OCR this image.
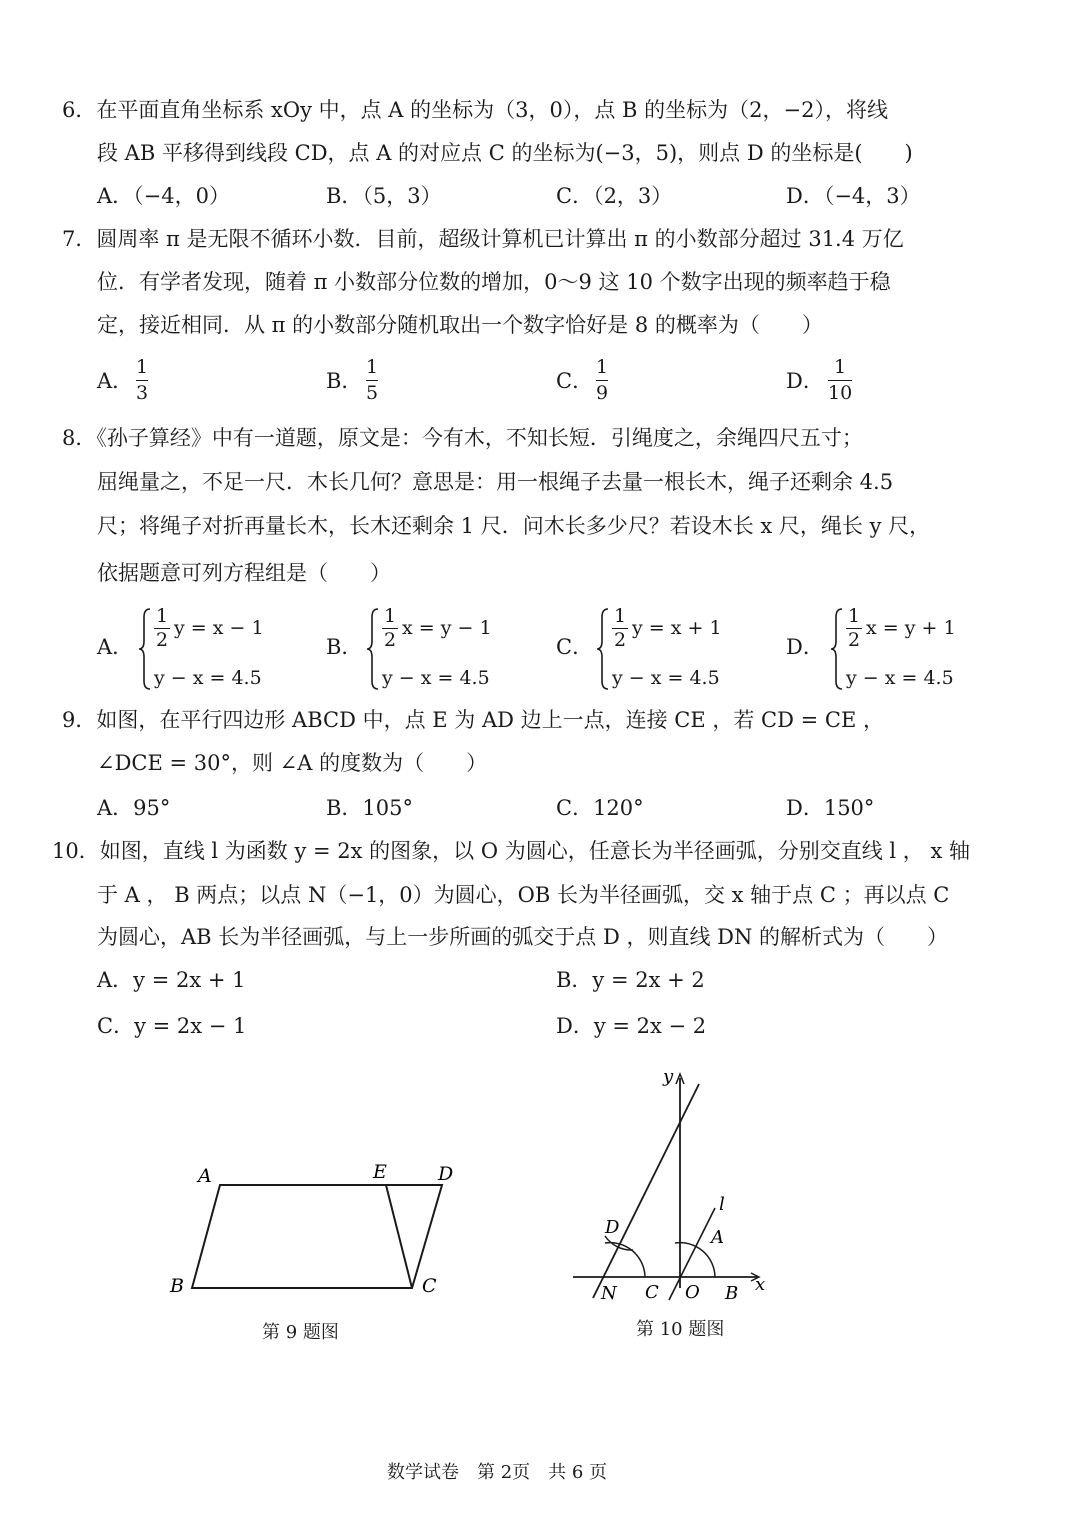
6．在平面直角坐标系 xOy 中，点 A 的坐标为（3，0），点 B 的坐标为（2，−2），将线
段 AB 平移得到线段 CD，点 A 的对应点 C 的坐标为(−3，5)，则点 D 的坐标是(　　)
A．（−4，0）	B．（5，3）	C．（2，3）	D．（−4，3）
7．圆周率 π 是无限不循环小数．目前，超级计算机已计算出 π 的小数部分超过 31.4 万亿
位．有学者发现，随着 π 小数部分位数的增加，0～9 这 10 个数字出现的频率趋于稳
定，接近相同．从 π 的小数部分随机取出一个数字恰好是 8 的概率为（　　）
A．
1
3	B．
1
5	C．
1
9	D．
1
10
8．《孙子算经》中有一道题，原文是：今有木，不知长短．引绳度之，余绳四尺五寸；
屈绳量之，不足一尺．木长几何？意思是：用一根绳子去量一根长木，绳子还剩余 4.5
尺；将绳子对折再量长木，长木还剩余 1 尺．问木长多少尺？若设木长 x 尺，绳长 y 尺，
依据题意可列方程组是（　　）
A．
1
2
y = x − 1
y − x = 4.5
B．
1
2
x = y − 1
y − x = 4.5
C．
1
2
y = x + 1
y − x = 4.5
D．
1
2
x = y + 1
y − x = 4.5
9．如图，在平行四边形 ABCD 中，点 E 为 AD 边上一点，连接 CE ，若 CD = CE ，
∠DCE = 30°，则 ∠A 的度数为（　　）
A．95°	B．105°	C．120°	D．150°
10．如图，直线 l 为函数 y = 2x 的图象，以 O 为圆心，任意长为半径画弧，分别交直线 l ， x 轴
于 A ， B 两点；以点 N（−1，0）为圆心，OB 长为半径画弧，交 x 轴于点 C ；再以点 C
为圆心，AB 长为半径画弧，与上一步所画的弧交于点 D ，则直线 DN 的解析式为（　　）
A．y = 2x + 1	B．y = 2x + 2
C．y = 2x − 1	D．y = 2x − 2
A
B	C
D
E
第 9 题图
y
x
l
A
D
N C O B
第 10 题图
数学试卷　第 2页　共 6 页
